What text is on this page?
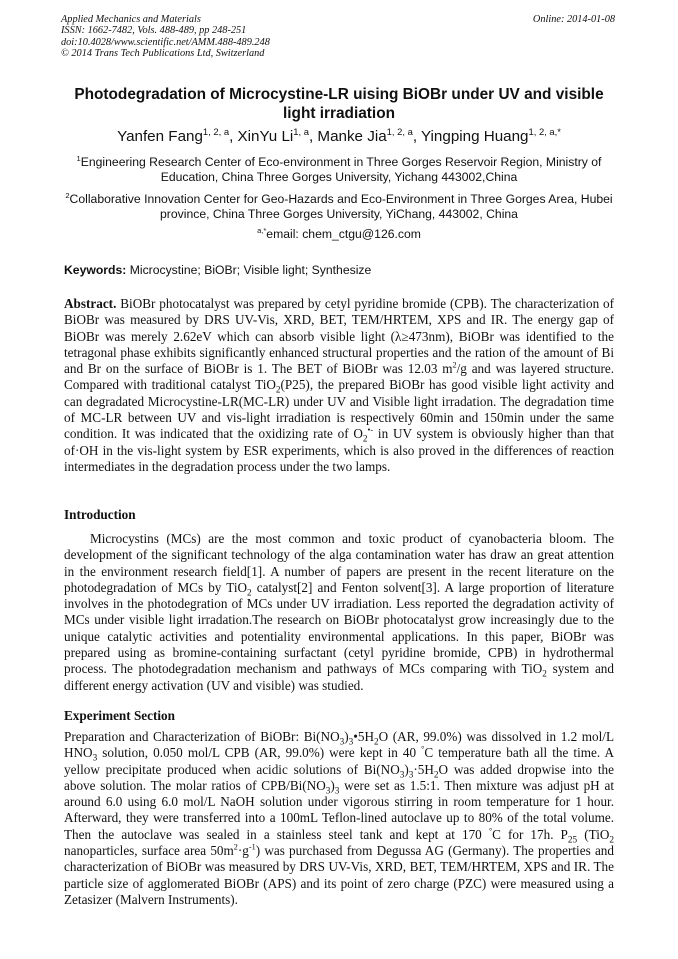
Applied Mechanics and Materials
ISSN: 1662-7482, Vols. 488-489, pp 248-251
doi:10.4028/www.scientific.net/AMM.488-489.248
© 2014 Trans Tech Publications Ltd, Switzerland
Online: 2014-01-08
Photodegradation of Microcystine-LR uising BiOBr under UV and visible
light irradiation
Yanfen Fang$^{1, 2, a}$, XinYu Li$^{1, a}$, Manke Jia$^{1, 2, a}$, Yingping Huang$^{1, 2, a,*}$
$^1$Engineering Research Center of Eco-environment in Three Gorges Reservoir Region, Ministry of Education, China Three Gorges University, Yichang 443002,China
$^2$Collaborative Innovation Center for Geo-Hazards and Eco-Environment in Three Gorges Area, Hubei province, China Three Gorges University, YiChang, 443002, China
$^{a,*}$email: chem_ctgu@126.com
Keywords: Microcystine; BiOBr; Visible light; Synthesize
Abstract. BiOBr photocatalyst was prepared by cetyl pyridine bromide (CPB). The characterization of BiOBr was measured by DRS UV-Vis, XRD, BET, TEM/HRTEM, XPS and IR. The energy gap of BiOBr was merely 2.62eV which can absorb visible light (λ≥473nm), BiOBr was identified to the tetragonal phase exhibits significantly enhanced structural properties and the ration of the amount of Bi and Br on the surface of BiOBr is 1. The BET of BiOBr was 12.03 $m^2/g$ and was layered structure. Compared with traditional catalyst TiO$_2$(P25), the prepared BiOBr has good visible light activity and can degradated Microcystine-LR(MC-LR) under UV and Visible light irradation. The degradation time of MC-LR between UV and vis-light irradiation is respectively 60min and 150min under the same condition. It was indicated that the oxidizing rate of $O_2^{•-}$ in UV system is obviously higher than that of·OH in the vis-light system by ESR experiments, which is also proved in the differences of reaction intermediates in the degradation process under the two lamps.
Introduction
Microcystins (MCs) are the most common and toxic product of cyanobacteria bloom. The development of the significant technology of the alga contamination water has draw an great attention in the environment research field[1]. A number of papers are present in the recent literature on the photodegradation of MCs by TiO$_2$ catalyst[2] and Fenton solvent[3]. A large proportion of literature involves in the photodegration of MCs under UV irradiation. Less reported the degradation activity of MCs under visible light irradation.The research on BiOBr photocatalyst grow increasingly due to the unique catalytic activities and potentiality environmental applications. In this paper, BiOBr was prepared using as bromine-containing surfactant (cetyl pyridine bromide, CPB) in hydrothermal process. The photodegradation mechanism and pathways of MCs comparing with TiO$_2$ system and different energy activation (UV and visible) was studied.
Experiment Section
Preparation and Characterization of BiOBr: $Bi(NO_3)_3•5H_2O$ (AR, 99.0%) was dissolved in 1.2 mol/L $HNO_3$ solution, 0.050 mol/L CPB (AR, 99.0%) were kept in 40 °C temperature bath all the time. A yellow precipitate produced when acidic solutions of $Bi(NO_3)_3\cdot 5H_2O$ was added dropwise into the above solution. The molar ratios of CPB/$Bi(NO_3)_3$ were set as 1.5:1. Then mixture was adjust pH at around 6.0 using 6.0 mol/L NaOH solution under vigorous stirring in room temperature for 1 hour. Afterward, they were transferred into a 100mL Teflon-lined autoclave up to 80% of the total volume. Then the autoclave was sealed in a stainless steel tank and kept at 170 °C for 17h. $P_{25}$ (TiO$_2$ nanoparticles, surface area $50m^2\cdot g^{-1}$) was purchased from Degussa AG (Germany). The properties and characterization of BiOBr was measured by DRS UV-Vis, XRD, BET, TEM/HRTEM, XPS and IR. The particle size of agglomerated BiOBr (APS) and its point of zero charge (PZC) were measured using a Zetasizer (Malvern Instruments).
